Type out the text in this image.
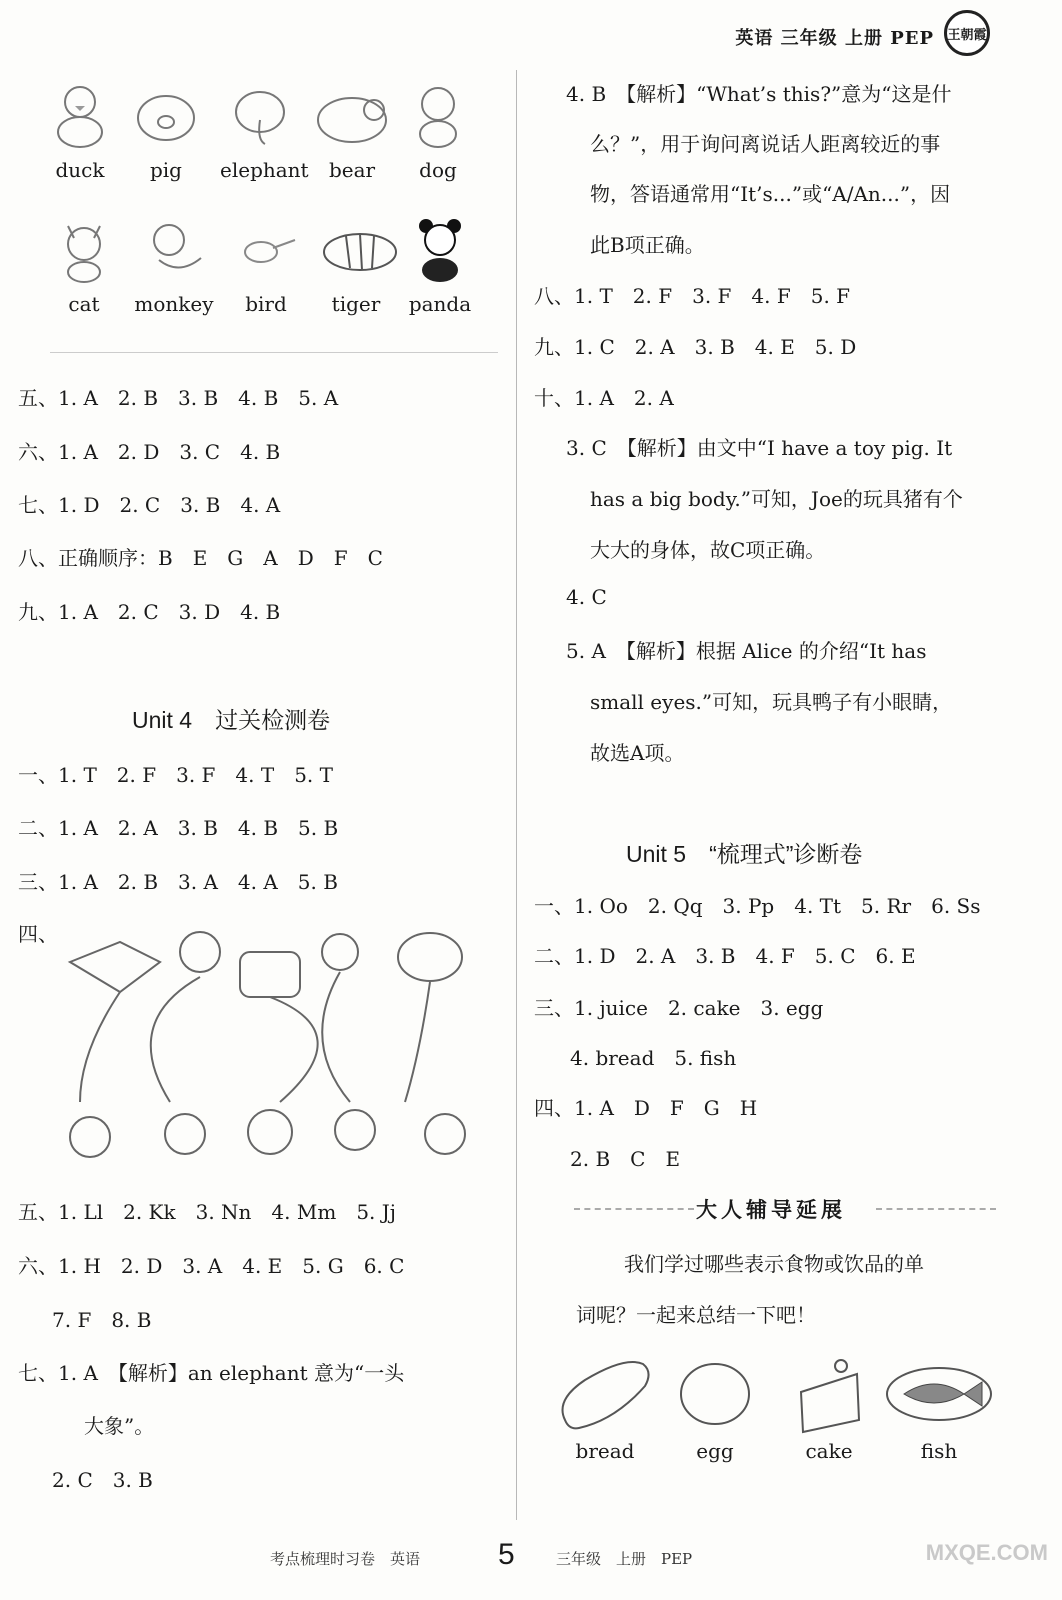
英语 三年级 上册 PEP 王朝霞
duck	pig	elephant	bear	dog
cat	monkey	bird	tiger	panda
五、1. A　2. B　3. B　4. B　5. A
六、1. A　2. D　3. C　4. B
七、1. D　2. C　3. B　4. A
八、正确顺序：B　E　G　A　D　F　C
九、1. A　2. C　3. D　4. B
Unit 4　过关检测卷
一、1. T　2. F　3. F　4. T　5. T
二、1. A　2. A　3. B　4. B　5. B
三、1. A　2. B　3. A　4. A　5. B
四、
五、1. Ll　2. Kk　3. Nn　4. Mm　5. Jj
六、1. H　2. D　3. A　4. E　5. G　6. C
7. F　8. B
七、1. A　【解析】an elephant 意为“一头
大象”。
2. C　3. B
4. B　【解析】“What’s this?”意为“这是什
么？”，用于询问离说话人距离较近的事
物，答语通常用“It’s...”或“A/An...”，因
此B项正确。
八、1. T　2. F　3. F　4. F　5. F
九、1. C　2. A　3. B　4. E　5. D
十、1. A　2. A
3. C　【解析】由文中“I have a toy pig. It
has a big body.”可知，Joe的玩具猪有个
大大的身体，故C项正确。
4. C
5. A　【解析】根据 Alice 的介绍“It has
small eyes.”可知，玩具鸭子有小眼睛，
故选A项。
Unit 5　“梳理式”诊断卷
一、1. Oo　2. Qq　3. Pp　4. Tt　5. Rr　6. Ss
二、1. D　2. A　3. B　4. F　5. C　6. E
三、1. juice　2. cake　3. egg
4. bread　5. fish
四、1. A　D　F　G　H
2. B　C　E
大人辅导延展
我们学过哪些表示食物或饮品的单
词呢？一起来总结一下吧！
bread	egg	cake	fish
考点梳理时习卷　英语	5	三年级　上册　PEP	MXQE.COM
